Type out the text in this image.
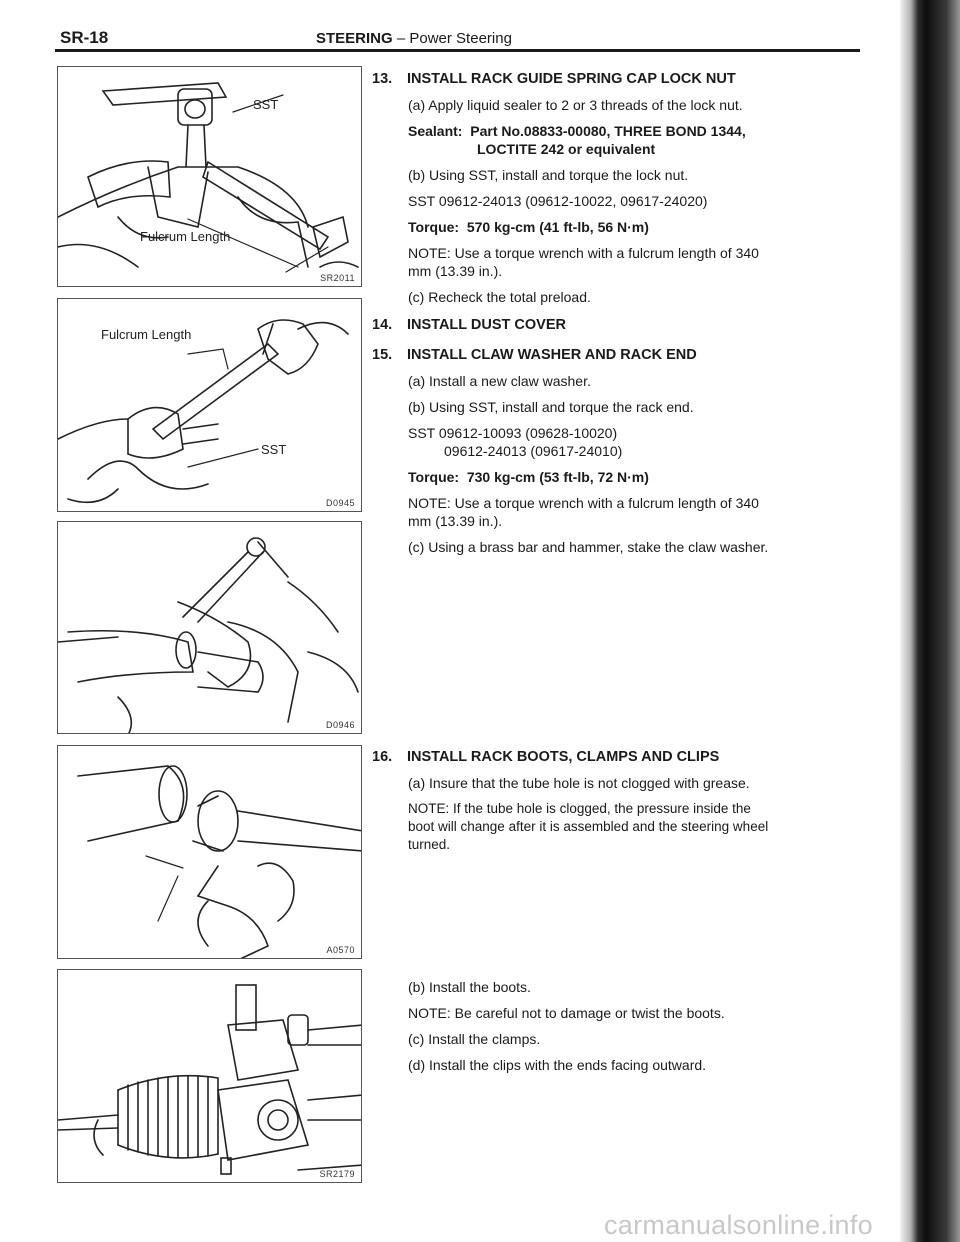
SR-18	STEERING – Power Steering
SST
Fulcrum Length
SR2011
Fulcrum Length
SST
D0945
D0946
A0570
SR2179

13. INSTALL RACK GUIDE SPRING CAP LOCK NUT

(a) Apply liquid sealer to 2 or 3 threads of the lock nut.

Sealant: Part No.08833-00080, THREE BOND 1344,

LOCTITE 242 or equivalent

(b) Using SST, install and torque the lock nut.

SST 09612-24013 (09612-10022, 09617-24020)

Torque: 570 kg-cm (41 ft-lb, 56 N·m)

NOTE: Use a torque wrench with a fulcrum length of 340

mm (13.39 in.).

(c) Recheck the total preload.

14. INSTALL DUST COVER

15. INSTALL CLAW WASHER AND RACK END

(a) Install a new claw washer.

(b) Using SST, install and torque the rack end.

SST 09612-10093 (09628-10020)

09612-24013 (09617-24010)

Torque: 730 kg-cm (53 ft-lb, 72 N·m)

NOTE: Use a torque wrench with a fulcrum length of 340

mm (13.39 in.).

(c) Using a brass bar and hammer, stake the claw washer.

16. INSTALL RACK BOOTS, CLAMPS AND CLIPS

(a) Insure that the tube hole is not clogged with grease.

NOTE: If the tube hole is clogged, the pressure inside the

boot will change after it is assembled and the steering wheel

turned.

(b) Install the boots.

NOTE: Be careful not to damage or twist the boots.

(c) Install the clamps.

(d) Install the clips with the ends facing outward.

carmanualsonline.info
